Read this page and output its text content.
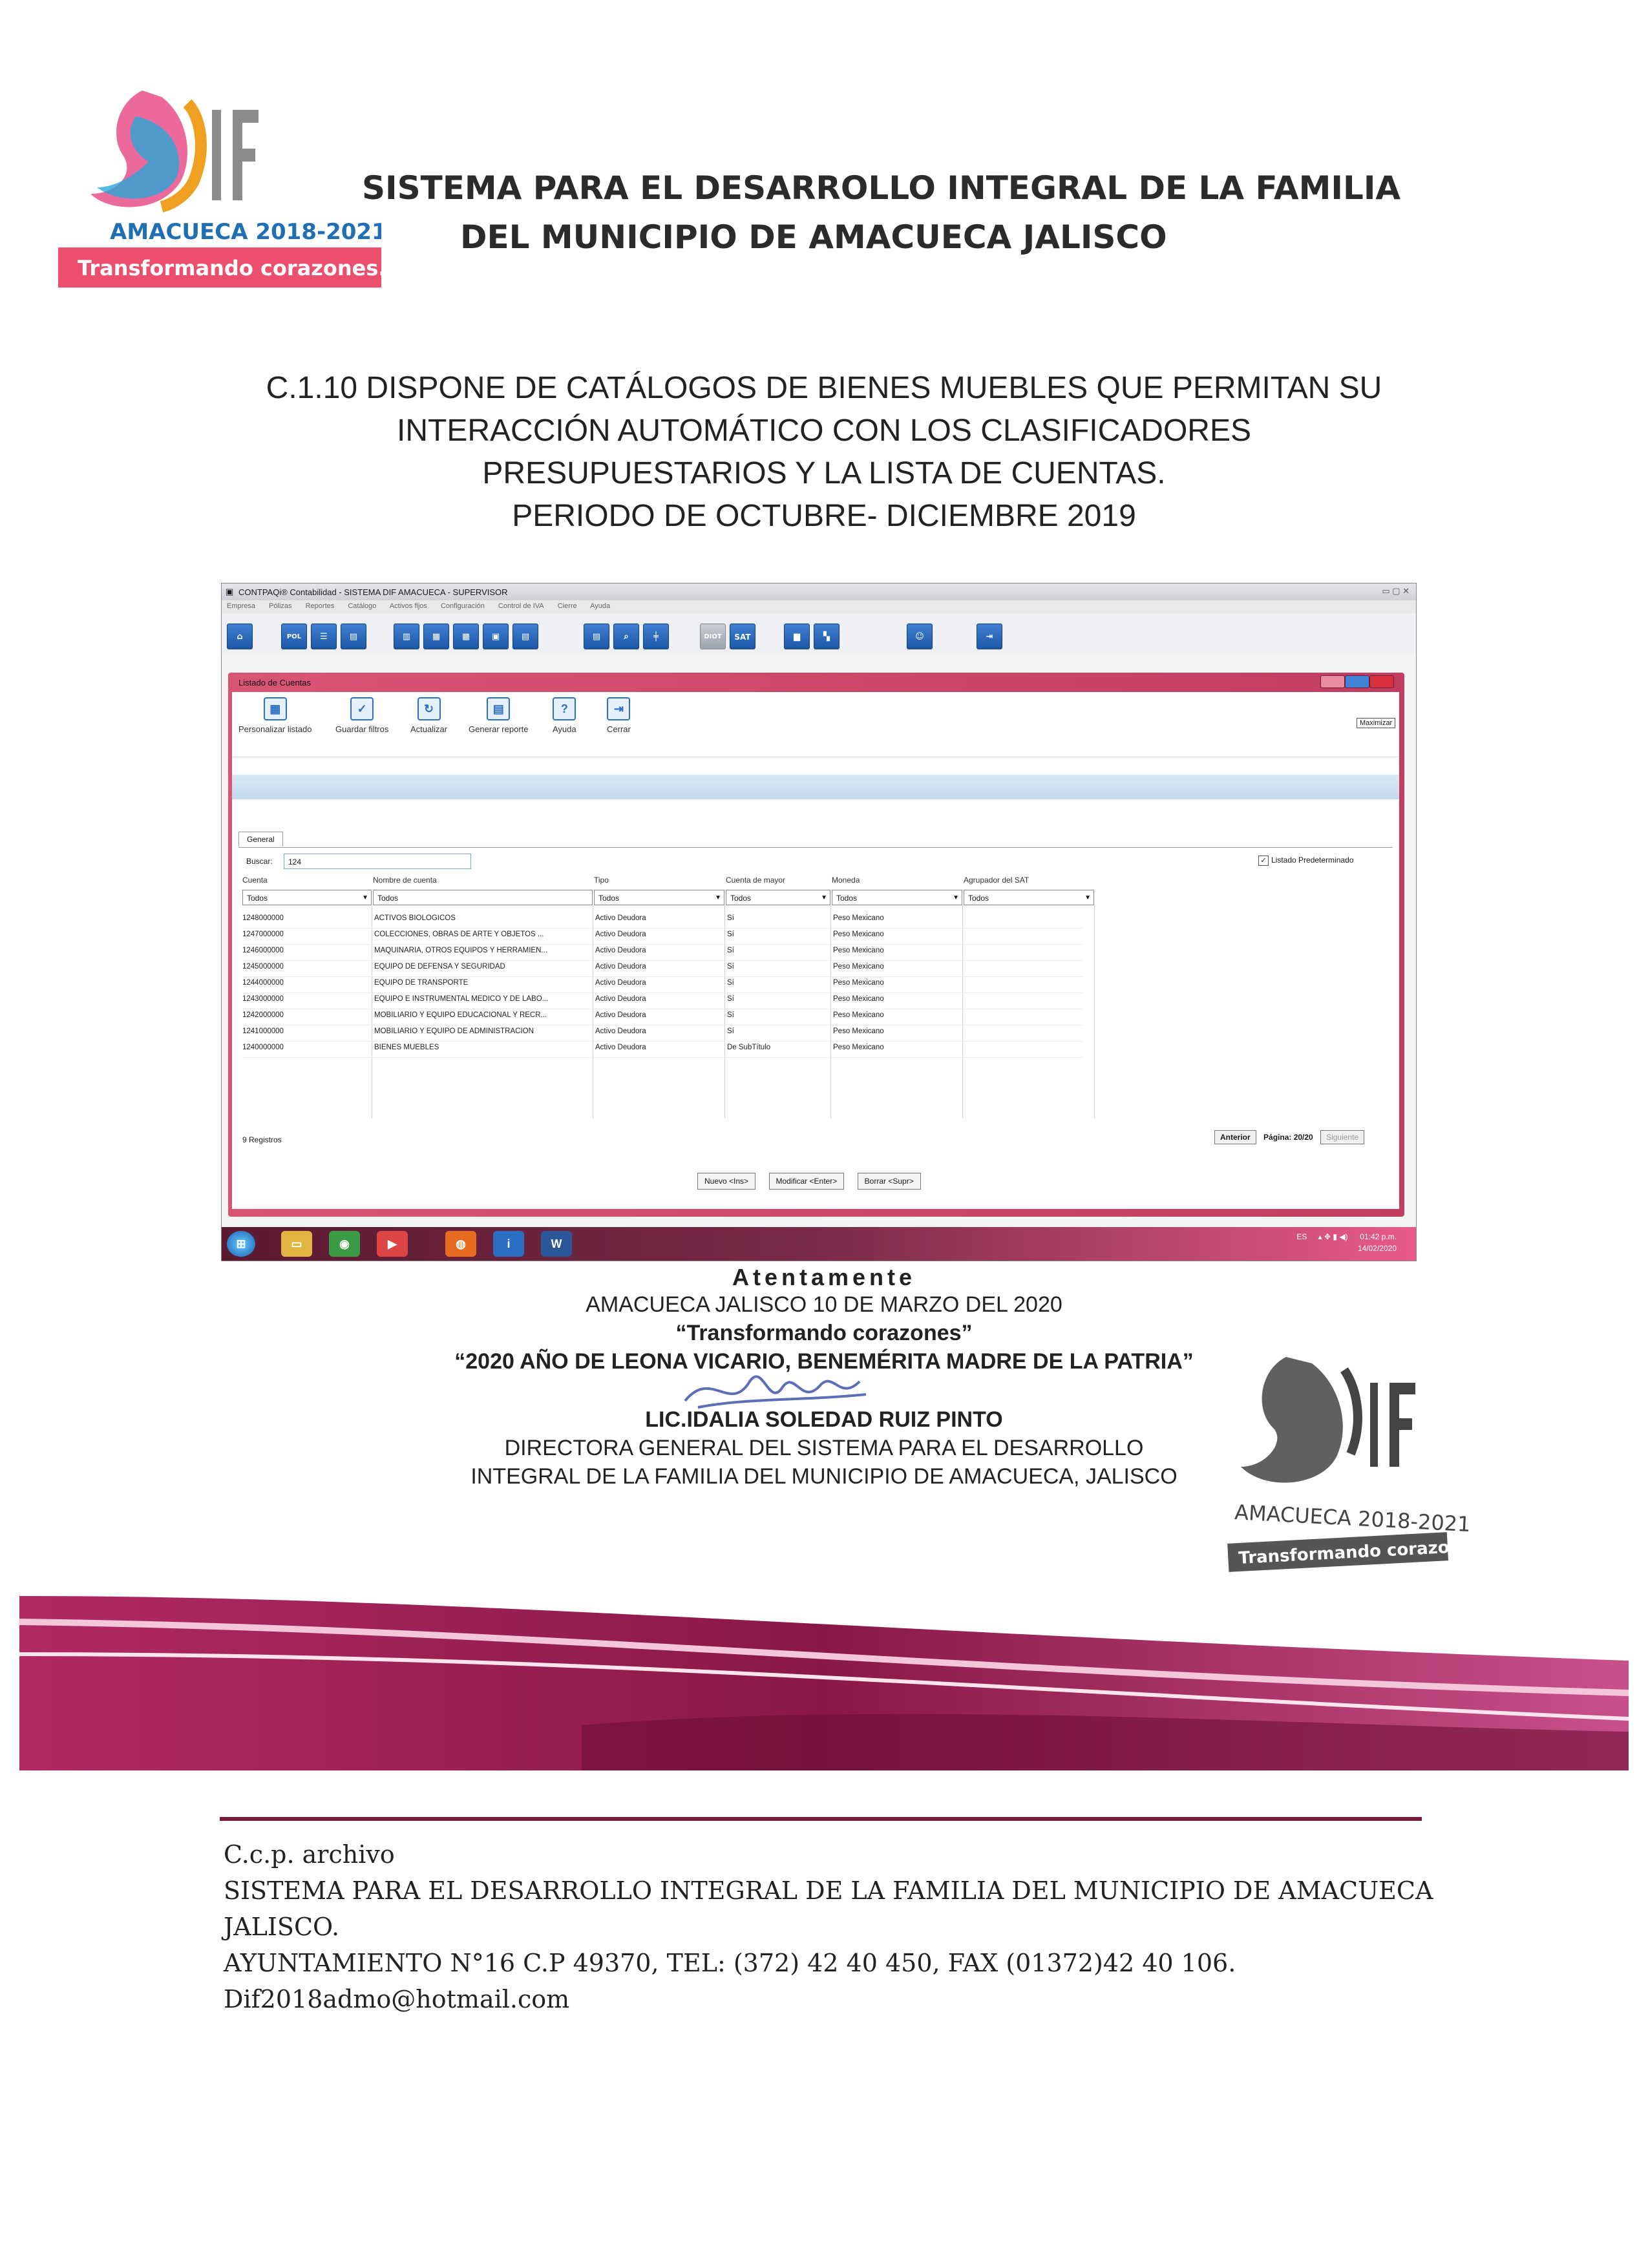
AMACUECA 2018-2021
Transformando corazones.
SISTEMA PARA EL DESARROLLO INTEGRAL DE LA FAMILIA
DEL MUNICIPIO DE AMACUECA JALISCO
C.1.10 DISPONE DE CATÁLOGOS DE BIENES MUEBLES QUE PERMITAN SU
INTERACCIÓN AUTOMÁTICO CON LOS CLASIFICADORES
PRESUPUESTARIOS Y LA LISTA DE CUENTAS.
PERIODO DE OCTUBRE- DICIEMBRE 2019
▣ CONTPAQi® Contabilidad - SISTEMA DIF AMACUECA - SUPERVISOR	▭ ▢ ✕
Empresa Pólizas Reportes Catálogo Activos fijos Configuración Control de IVA Cierre Ayuda
⌂	POL	☰	▤	▥	▦	▦	▣	▤	▤	⌕	╪	DIOT	SAT	▆	▚	☺	⇥
Listado de Cuentas
Maximizar
▦
Personalizar listado
✓
Guardar filtros
↻
Actualizar
▤
Generar reporte
?
Ayuda
⇥
Cerrar
General
Buscar:	124	✓ Listado Predeterminado
Cuenta	Nombre de cuenta	Tipo	Cuenta de mayor	Moneda	Agrupador del SAT
Todos	▼	Todos	Todos	▼	Todos	▼	Todos	▼	Todos	▼
1248000000	ACTIVOS BIOLÓGICOS	Activo Deudora	Sí	Peso Mexicano
1247000000	COLECCIONES, OBRAS DE ARTE Y OBJETOS ...	Activo Deudora	Sí	Peso Mexicano
1246000000	MAQUINARIA, OTROS EQUIPOS Y HERRAMIEN...	Activo Deudora	Sí	Peso Mexicano
1245000000	EQUIPO DE DEFENSA Y SEGURIDAD	Activo Deudora	Sí	Peso Mexicano
1244000000	EQUIPO DE TRANSPORTE	Activo Deudora	Sí	Peso Mexicano
1243000000	EQUIPO E INSTRUMENTAL MÉDICO Y DE LABO...	Activo Deudora	Sí	Peso Mexicano
1242000000	MOBILIARIO Y EQUIPO EDUCACIONAL Y RECR...	Activo Deudora	Sí	Peso Mexicano
1241000000	MOBILIARIO Y EQUIPO DE ADMINISTRACIÓN	Activo Deudora	Sí	Peso Mexicano
1240000000	BIENES MUEBLES	Activo Deudora	De SubTítulo	Peso Mexicano
9 Registros	Anterior Página: 20/20 Siguiente
Nuevo <Ins>	Modificar <Enter>	Borrar <Supr>
⊞	▭	◉	▶	◍	i	W
ES ▴ ✥ ▮ ◀) 01:42 p.m.
14/02/2020
Atentamente
AMACUECA JALISCO 10 DE MARZO DEL 2020
“Transformando corazones”
“2020 AÑO DE LEONA VICARIO, BENEMÉRITA MADRE DE LA PATRIA”
LIC.IDALIA SOLEDAD RUIZ PINTO
DIRECTORA GENERAL DEL SISTEMA PARA EL DESARROLLO
INTEGRAL DE LA FAMILIA DEL MUNICIPIO DE AMACUECA, JALISCO
AMACUECA 2018-2021
Transformando corazones.
C.c.p. archivo
SISTEMA PARA EL DESARROLLO INTEGRAL DE LA FAMILIA DEL MUNICIPIO DE AMACUECA
JALISCO.
AYUNTAMIENTO N°16 C.P 49370, TEL: (372) 42 40 450, FAX (01372)42 40 106.
Dif2018admo@hotmail.com
